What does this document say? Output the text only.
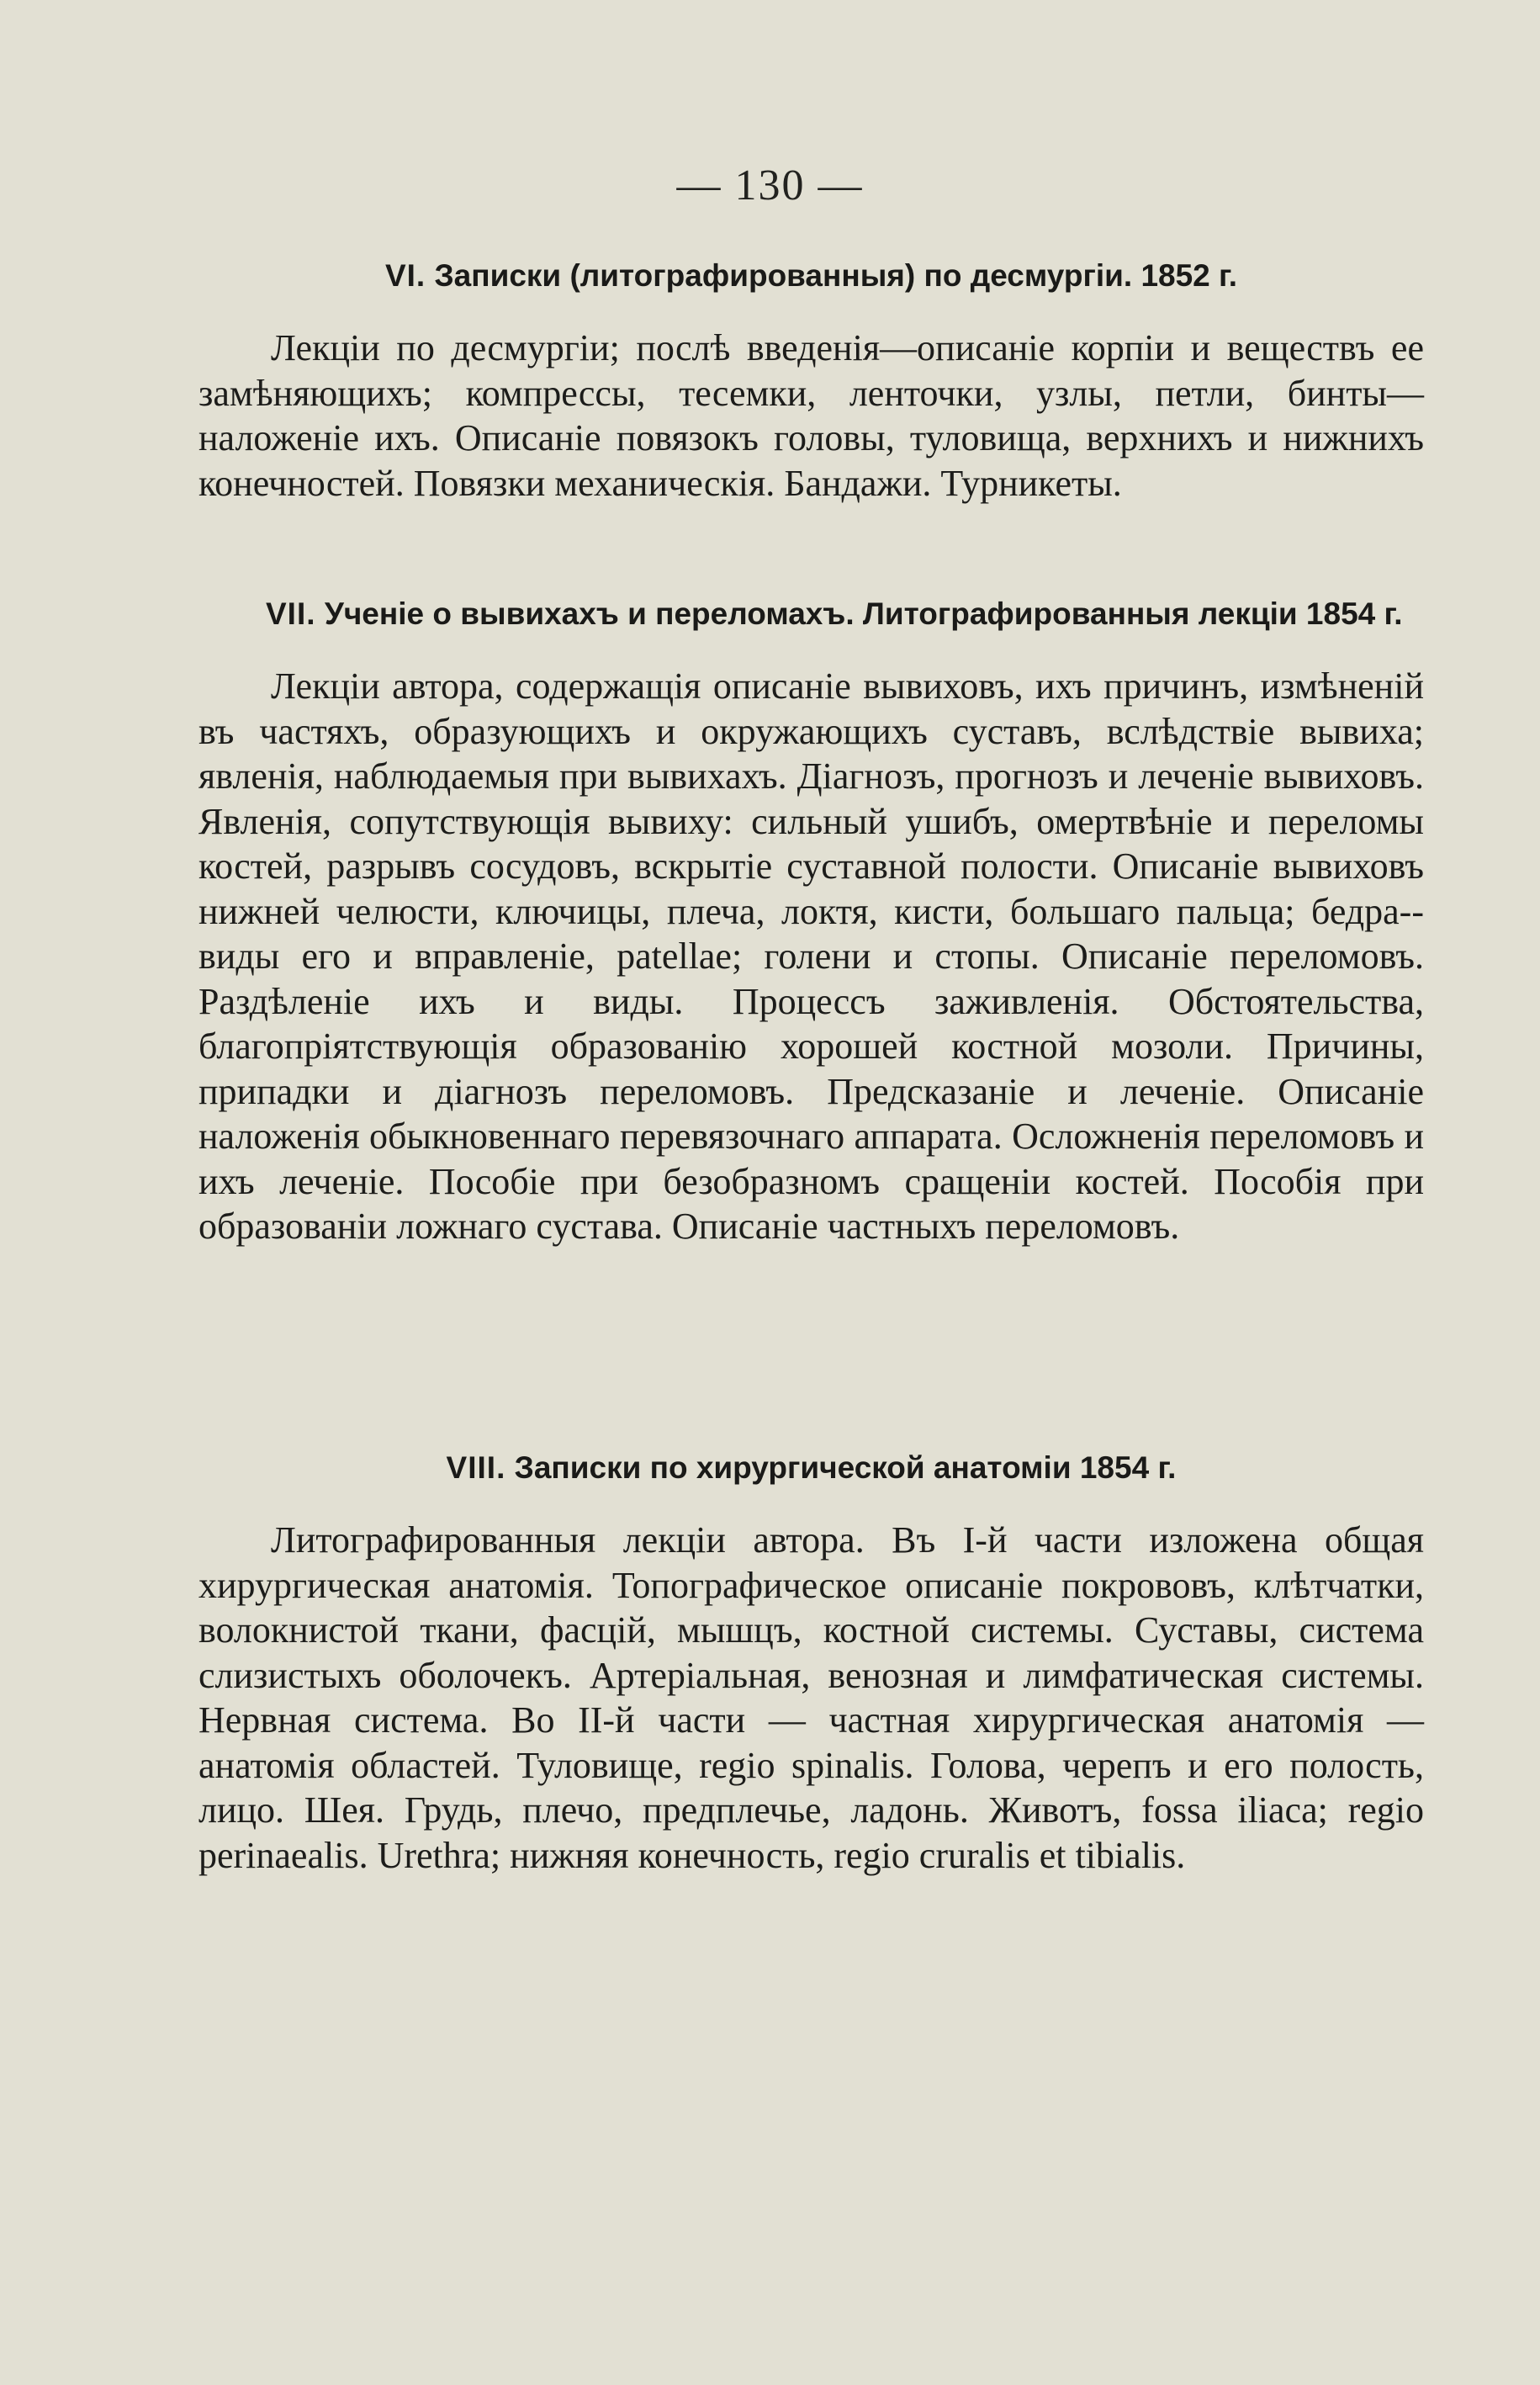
— 130 —

VI. Записки (литографированныя) по десмургіи. 1852 г.

Лекціи по десмургіи; послѣ введенія—описаніе корпіи и веществъ ее замѣняющихъ; компрессы, тесемки, ленточки, узлы, петли, бинты—наложеніе ихъ. Описаніе повязокъ головы, туловища, верхнихъ и нижнихъ конечностей. Повязки механическія. Бандажи. Турникеты.

VII. Ученіе о вывихахъ и переломахъ. Литографированныя лекціи 1854 г.

Лекціи автора, содержащія описаніе вывиховъ, ихъ причинъ, измѣненій въ частяхъ, образующихъ и окружающихъ суставъ, вслѣдствіе вывиха; явленія, наблюдаемыя при вывихахъ. Діагнозъ, прогнозъ и леченіе вывиховъ. Явленія, сопутствующія вывиху: сильный ушибъ, омертвѣніе и переломы костей, разрывъ сосудовъ, вскрытіе суставной полости. Описаніе вывиховъ нижней челюсти, ключицы, плеча, локтя, кисти, большаго пальца; бедра--виды его и вправленіе, patellae; голени и стопы. Описаніе переломовъ. Раздѣленіе ихъ и виды. Процессъ заживленія. Обстоятельства, благопріятствующія образованію хорошей костной мозоли. Причины, припадки и діагнозъ переломовъ. Предсказаніе и леченіе. Описаніе наложенія обыкновеннаго перевязочнаго аппарата. Осложненія переломовъ и ихъ леченіе. Пособіе при безобразномъ сращеніи костей. Пособія при образованіи ложнаго сустава. Описаніе частныхъ переломовъ.

VIII. Записки по хирургической анатоміи 1854 г.

Литографированныя лекціи автора. Въ I-й части изложена общая хирургическая анатомія. Топографическое описаніе покрововъ, клѣтчатки, волокнистой ткани, фасцій, мышцъ, костной системы. Суставы, система слизистыхъ оболочекъ. Артеріальная, венозная и лимфатическая системы. Нервная система. Во II-й части — частная хирургическая анатомія — анатомія областей. Туловище, regio spinalis. Голова, черепъ и его полость, лицо. Шея. Грудь, плечо, предплечье, ладонь. Животъ, fossa iliaca; regio perinaealis. Urethra; нижняя конечность, regio cruralis et tibialis.
